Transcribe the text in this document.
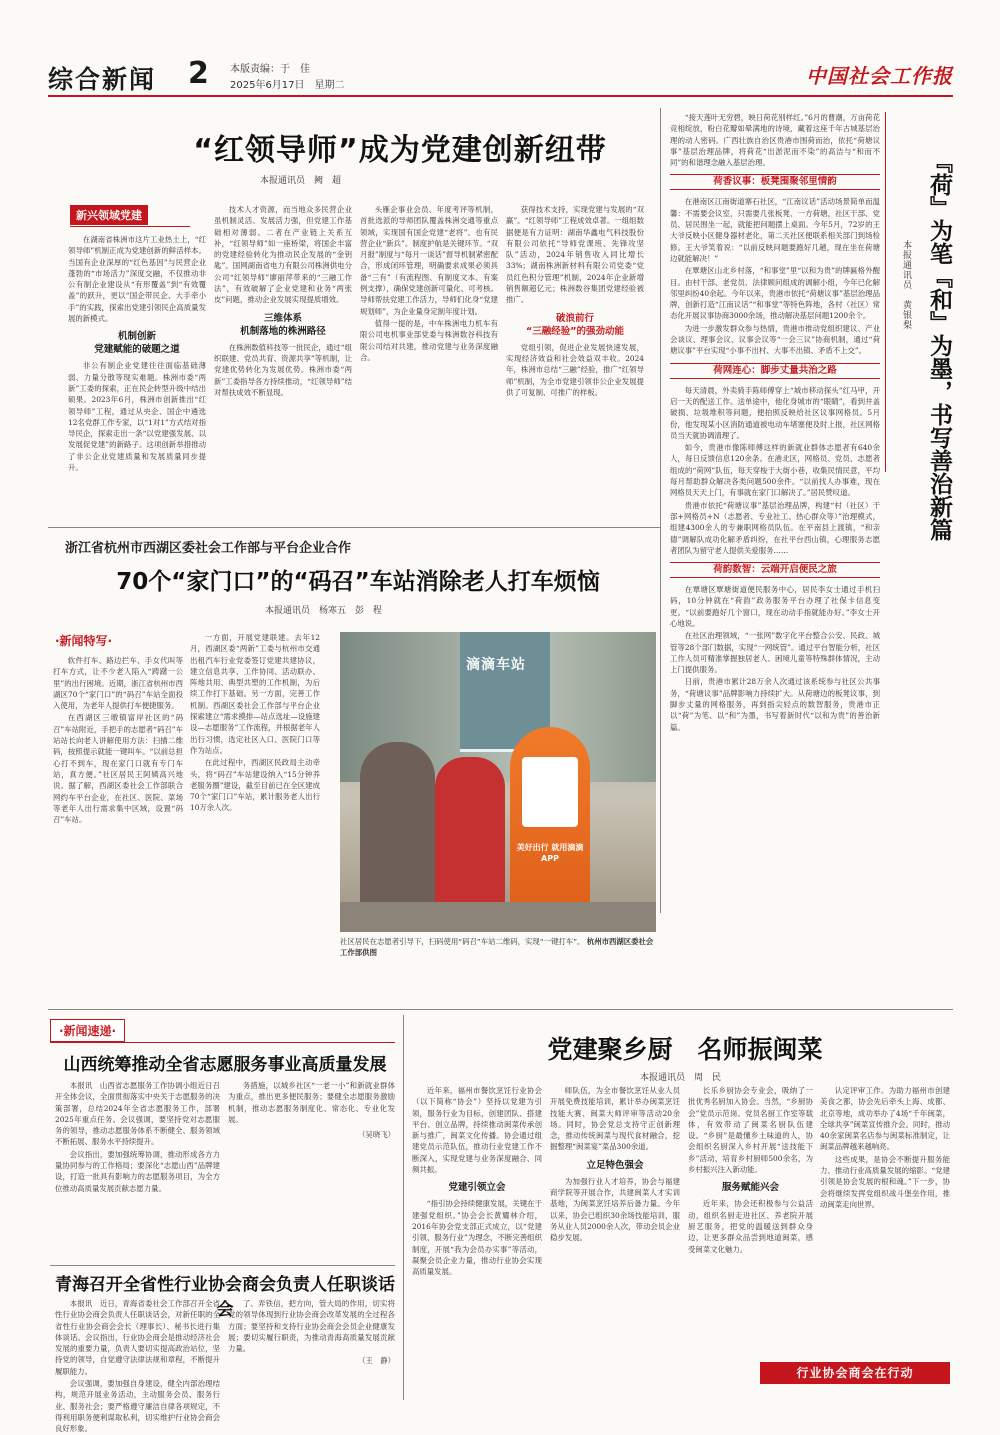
综合新闻 2 本版责编：于　佳
2025年6月17日　星期二	中国社会工作报
“红领导师”成为党建创新纽带
本报通讯员　阙　超
新兴领域党建

在湖南省株洲市这片工业热土上，“红领导师”机制正成为党建创新的鲜活样本。当国有企业深厚的“红色基因”与民营企业蓬勃的“市场活力”深度交融，不仅推动非公有制企业建设从“有形覆盖”到“有效覆盖”的跃升，更以“国企带民企、大手牵小手”的实践，探索出党建引领民企高质量发展的新模式。

机制创新
党建赋能的破题之道

非公有制企业党建往往面临基础薄弱、力量分散等现实难题。株洲市委“两新”工委的探索，正在民企转型升级中结出硕果。2023年6月，株洲市创新推出“红领导师”工程，通过从央企、国企中遴选12名党群工作专家，以“1对1”方式结对指导民企，探索走出一条“以党建强发展、以发展促党建”的新路子。这项创新举措推动了非公企业党建质量和发展质量同步提升。

技术人才资源，而当地众多民营企业虽机制灵活、发展活力强，但党建工作基础相对薄弱。二者在产业链上关系互补，“红领导师”如一座桥梁，将国企丰富的党建经验转化为推动民企发展的“金钥匙”。国网湖南省电力有限公司株洲供电分公司“红领导师”廖丽萍带来的“三融工作法”，有效破解了企业党建和业务“两张皮”问题，推动企业发展实现提质增效。

三维体系
机制落地的株洲路径

在株洲数值科技等一批民企，通过“组织联建、党员共育、资源共享”等机制，让党建优势转化为发展优势。株洲市委“两新”工委指导各方持续推动，“红领导师”结对帮扶成效不断显现。

头雁企事业会员、年度考评等机制，首批选派的导师团队覆盖株洲交通等重点领域，实现国有国企党建“老将”、也有民营企业“新兵”。制度护航是关键环节。“双月报”制度与“每月一谈话”督导机制紧密配合，形成闭环管理，明确要求成果必须具备“三有”（有流程图、有制度文本、有案例支撑），确保党建创新可量化、可考核。导师帮扶党建工作活力，导师们化身“党建规划师”，为企业量身定制年度计划。

值得一提的是，中车株洲电力机车有限公司电机事业部党委与株洲数谷科技有限公司结对共建，推动党建与业务深度融合。

获得技术支持，实现党建与发展的“双赢”。“红领导师”工程成效卓著。一组组数据便是有力证明：湖南华鑫电气科技股份有限公司依托“导师党课班、先锋攻坚队”活动，2024年销售收入同比增长33%；湖南株洲新材料有限公司党委“党员红色积分管理”机制，2024年企业新增销售额超亿元；株洲数谷集团党建经验被推广。

破浪前行
“三融经验”的强劲动能

党组引领，促进企业发展快速发展，实现经济效益和社会效益双丰收。2024年，株洲市总结“三融”经验，推广“红领导师”机制，为全市党建引领非公企业发展提供了可复制、可推广的样板。

“接天莲叶无穷碧，映日荷花别样红。”6月的曹潮，万亩荷花竞相绽放，粉白花瓣如晕满地的诗境，藏着这座千年古城基层治理的动人密码。广西壮族自治区贵港市围荷而治，依托“荷塘议事”基层治理品牌，将荷花“出淤泥而不染”的高洁与“和而不同”的和谐理念融入基层治理。

荷香议事：板凳围聚邻里情韵

在港南区江南街道寨石社区，“江南议话”活动场景简单而温馨：不需要会议室，只需要几张板凳、一方荷塘，社区干部、党员、居民围坐一起，就能把问题摆上桌面。今年5月，72岁的王大爷反映小区健身器材老化，第二天社区便联系相关部门到场检修。王大爷笑着说：“以前反映问题要跑好几趟，现在坐在荷塘边就能解决！”

在覃塘区山北乡村落，“和事堂”里“以和为贵”的牌匾格外醒目。由村干部、老党员、法律顾问组成的调解小组，今年已化解邻里纠纷40余起。今年以来，贵港市依托“荷塘议事”基层治理品牌，创新打造“江南议话”“和事堂”等特色阵地，各村（社区）常态化开展议事协商3000余场，推动解决基层问题1200余个。

为进一步激发群众参与热情，贵港市推动党组织建议、产业会谈议、理事会议、议事会议等“一会三议”协商机制，通过“荷塘议事”平台实现“小事不出村、大事不出镇、矛盾不上交”。

荷网连心：脚步丈量共治之路

每天清晨，外卖骑手陈师傅穿上“城市移动探头”红马甲，开启一天的配送工作。送单途中，他化身城市的“眼睛”，看到井盖破损、垃圾堆积等问题，便拍照反映给社区议事网格员。5月份，他发现某小区消防通道被电动车堵塞便及时上报，社区网格员当天就协调清理了。

如今，贵港市像陈师傅这样的新就业群体志愿者有640余人，每日反馈信息120余条。在港北区，网格员、党员、志愿者组成的“荷网”队伍，每天穿梭于大街小巷，收集民情民意，平均每月帮助群众解决各类问题500余件。“以前找人办事难，现在网格员天天上门，有事就在家门口解决了。”居民赞叹道。

贵港市依托“荷塘议事”基层治理品牌，构建“村（社区）干部+网格员+N（志愿者、专业社工、热心群众等）”治理模式，组建4300余人的专兼职网格员队伍。在平南县上渡镇，“和亲德”调解队成功化解矛盾纠纷，在社平台西山镇，心理服务志愿者团队为留守老人提供关爱服务……

荷韵数智：云端开启便民之旅

在覃塘区覃塘街道便民服务中心，居民李女士通过手机扫码，10分钟就在“荷韵”政务服务平台办理了社保卡信息变更。“以前要跑好几个窗口，现在动动手指就能办好。”李女士开心地说。

在社区治理领域，“一张网”数字化平台整合公安、民政、城管等28个部门数据，实现“一网统管”。通过平台智能分析，社区工作人员可精准掌握独居老人、困境儿童等特殊群体情况，主动上门提供服务。

日前，贵港市累计28万余人次通过该系统参与社区公共事务，“荷塘议事”品牌影响力持续扩大。从荷塘边的板凳议事，到脚步丈量的网格服务，再到指尖轻点的数智服务，贵港市正以“荷”为笔、以“和”为墨，书写着新时代“以和为贵”的善治新篇。

『荷』为笔『和』为墨，书写善治新篇
本报通讯员　黄银梨
浙江省杭州市西湖区委社会工作部与平台企业合作
70个“家门口”的“码召”车站消除老人打车烦恼
本报通讯员　杨寒五　彭　程
·新闻特写·

软件打车、路边拦车、手女代叫等打车方式，让不少老人陷入“踌躇一公里”的出行困境。近期，浙江省杭州市西湖区70个“家门口”的“码召”车站全面投入使用，为老年人提供打车便捷服务。

在西湖区三墩镇富岸社区的“码召”车站附近，手把手的志愿者“码召”车站站长向老人讲解使用方法：扫描二维码，按照提示就能一键叫车。“以前总担心打不到车，现在家门口就有专门车站，真方便。”社区居民王阿姨高兴地说。据了解，西湖区委社会工作部联合网约车平台企业，在社区、医院、菜场等老年人出行需求集中区域，设置“码召”车站。

一方面，开展党建联建。去年12月，西湖区委“两新”工委与杭州市交通出租汽车行业党委签订党建共建协议，建立信息共享、工作协同、活动联办、阵地共用、典型共塑的工作机制，为后续工作打下基础。另一方面，完善工作机制。西湖区委社会工作部与平台企业探索建立“需求摸排—站点选址—设施建设—志愿服务”工作流程，并根据老年人出行习惯，选定社区入口、医院门口等作为站点。

在此过程中，西湖区民政局主动牵头，将“码召”车站建设纳入“15分钟养老服务圈”建设，截至目前已在全区建成70个“家门口”车站，累计服务老人出行10万余人次。

滴滴车站
美好出行 就用滴滴APP
社区居民在志愿者引导下，扫码使用“码召”车站二维码，实现“一键打车”。 杭州市西湖区委社会工作部供图
·新闻速递·
山西统筹推动全省志愿服务事业高质量发展

本报讯　山西省志愿服务工作协调小组近日召开全体会议，全面贯彻落实中央关于志愿服务的决策部署，总结2024年全省志愿服务工作，部署2025年重点任务。会议强调，要坚持党对志愿服务的领导，推动志愿服务体系不断健全、服务领域不断拓展、服务水平持续提升。

会议指出，要加强统筹协调，推动形成各方力量协同参与的工作格局；要深化“志愿山西”品牌建设，打造一批具有影响力的志愿服务项目，为全方位推动高质量发展贡献志愿力量。

务措施，以城乡社区“一老一小”和新就业群体为重点，推出更多便民服务；要健全志愿服务激励机制，推动志愿服务制度化、常态化、专业化发展。

（吴晓飞）
青海召开全省性行业协会商会负责人任职谈话会

本报讯　近日，青海省委社会工作部召开全省性行业协会商会负责人任职谈话会，对新任职的全省性行业协会商会会长（理事长）、秘书长进行集体谈话。会议指出，行业协会商会是推动经济社会发展的重要力量，负责人要切实提高政治站位，坚持党的领导，自觉遵守法律法规和章程，不断提升履职能力。

会议强调，要加强自身建设，健全内部治理结构，规范开展业务活动，主动服务会员、服务行业、服务社会；要严格遵守廉洁自律各项规定，不得利用职务便利谋取私利，切实维护行业协会商会良好形象。

了、弄铁信，把方向，管大局的作用，切实将党的领导体现到行业协会商会改革发展的全过程各方面；要坚持和支持行业协会商会会员企业健康发展；要切实履行职责，为推动青海高质量发展贡献力量。

（王　静）
党建聚乡厨　名师振闽菜
本报通讯员　周　民

近年来，福州市餐饮烹饪行业协会（以下简称“协会”）坚持以党建为引领，服务行业为目标，创建团队、搭建平台、创立品牌，持续推动闽菜传承创新与推广，闽菜文化传播。协会通过组建党员示范队伍，推动行业党建工作不断深入，实现党建与业务深度融合、同频共振。

党建引领立会

“指引协会持续健康发展，关键在于建强党组织。”协会会长黄耀林介绍，2016年协会党支部正式成立，以“党建引领、服务行业”为理念，不断完善组织制度，开展“我为会员办实事”等活动，凝聚会员企业力量，推动行业协会实现高质量发展。

师队伍，为全市餐饮烹饪从业人员开展免费技能培训，累计举办闽菜烹饪技能大赛、闽菜大师评审等活动20余场。同时，协会党总支持守正创新理念，推动传统闽菜与现代食材融合，挖掘整理“闽菜宴”菜品300余道。

立足特色强会

为加强行业人才培养，协会与福建商学院等开展合作，共建闽菜人才实训基地，为闽菜烹饪培养后备力量。今年以来，协会已组织30余场技能培训，服务从业人员2000余人次，带动会员企业稳步发展。

长乐乡厨协会专业会，吸纳了一批优秀名厨加入协会。当然，“乡厨协会”党员示范岗、党员名厨工作室等载体，有效带动了闽菜名厨队伍建设。“乡厨”是最懂乡土味道的人，协会组织名厨深入乡村开展“送技能下乡”活动，培育乡村厨师500余名，为乡村振兴注入新动能。

服务赋能兴会

近年来，协会还积极参与公益活动，组织名厨走进社区、养老院开展厨艺服务，把党的温暖送到群众身边，让更多群众品尝到地道闽菜，感受闽菜文化魅力。

认定评审工作。为助力福州市创建美食之都，协会先后牵头上海、成都、北京等地，成功举办了4场“千年闽菜，全球共享”闽菜宣传推介会。同时，推动40余家闽菜名店参与闽菜标准制定，让闽菜品牌越来越响亮。

这些成果，是协会不断提升服务能力、推动行业高质量发展的缩影。“党建引领是协会发展的根和魂。”下一步，协会将继续发挥党组织战斗堡垒作用，推动闽菜走向世界。

行业协会商会在行动
